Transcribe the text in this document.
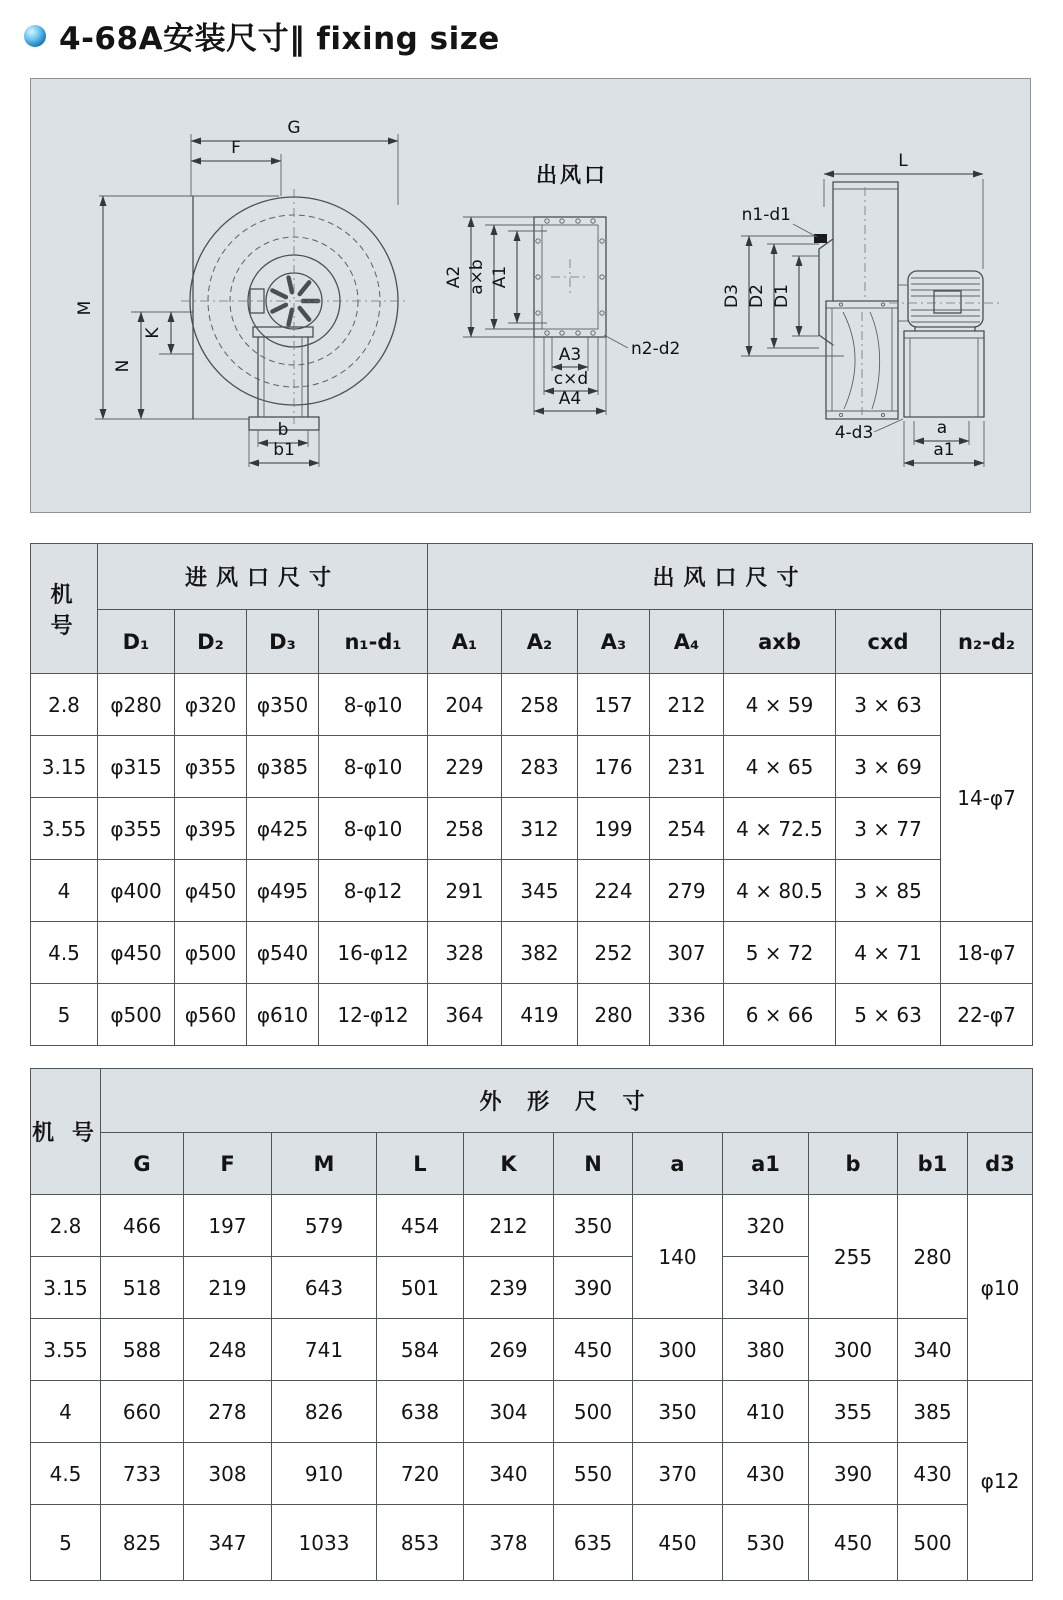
4-68A安装尺寸‖ fixing size
G
F
M
N
K
b
b1
出风口
A2 a×b A1
A3
c×d
A4
n2-d2
L
n1-d1
D3 D2 D1
4-d3	a
a1
机 号	进风口尺寸				出风口尺寸						
	D₁	D₂	D₃	n₁-d₁	A₁	A₂	A₃	A₄	axb	cxd	n₂-d₂
2.8	φ280	φ320	φ350	8-φ10	204	258	157	212	4 × 59	3 × 63	14-φ7
3.15	φ315	φ355	φ385	8-φ10	229	283	176	231	4 × 65	3 × 69	
3.55	φ355	φ395	φ425	8-φ10	258	312	199	254	4 × 72.5	3 × 77	
4	φ400	φ450	φ495	8-φ12	291	345	224	279	4 × 80.5	3 × 85	
4.5	φ450	φ500	φ540	16-φ12	328	382	252	307	5 × 72	4 × 71	18-φ7
5	φ500	φ560	φ610	12-φ12	364	419	280	336	6 × 66	5 × 63	22-φ7
机 号	外 形 尺 寸										
	G	F	M	L	K	N	a	a1	b	b1	d3
2.8	466	197	579	454	212	350	140	320	255	280	φ10
3.15	518	219	643	501	239	390		340			
3.55	588	248	741	584	269	450	300	380	300	340	
4	660	278	826	638	304	500	350	410	355	385	φ12
4.5	733	308	910	720	340	550	370	430	390	430	
5	825	347	1033	853	378	635	450	530	450	500	
